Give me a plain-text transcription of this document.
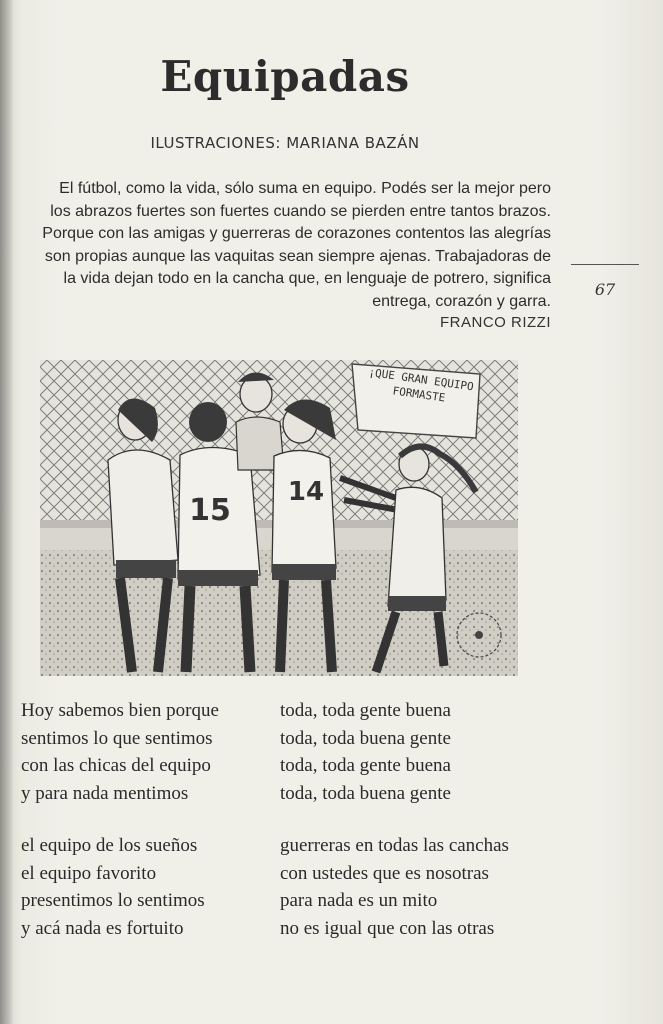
Equipadas
ILUSTRACIONES: MARIANA BAZÁN
El fútbol, como la vida, sólo suma en equipo. Podés ser la mejor pero
los abrazos fuertes son fuertes cuando se pierden entre tantos brazos.
Porque con las amigas y guerreras de corazones contentos las alegrías
son propias aunque las vaquitas sean siempre ajenas. Trabajadoras de
la vida dejan todo en la cancha que, en lenguaje de potrero, significa
entrega, corazón y garra.
FRANCO RIZZI
67
15
14
¡QUE GRAN EQUIPO FORMASTE
Hoy sabemos bien porque
sentimos lo que sentimos
con las chicas del equipo
y para nada mentimos
toda, toda gente buena
toda, toda buena gente
toda, toda gente buena
toda, toda buena gente
el equipo de los sueños
el equipo favorito
presentimos lo sentimos
y acá nada es fortuito
guerreras en todas las canchas
con ustedes que es nosotras
para nada es un mito
no es igual que con las otras
